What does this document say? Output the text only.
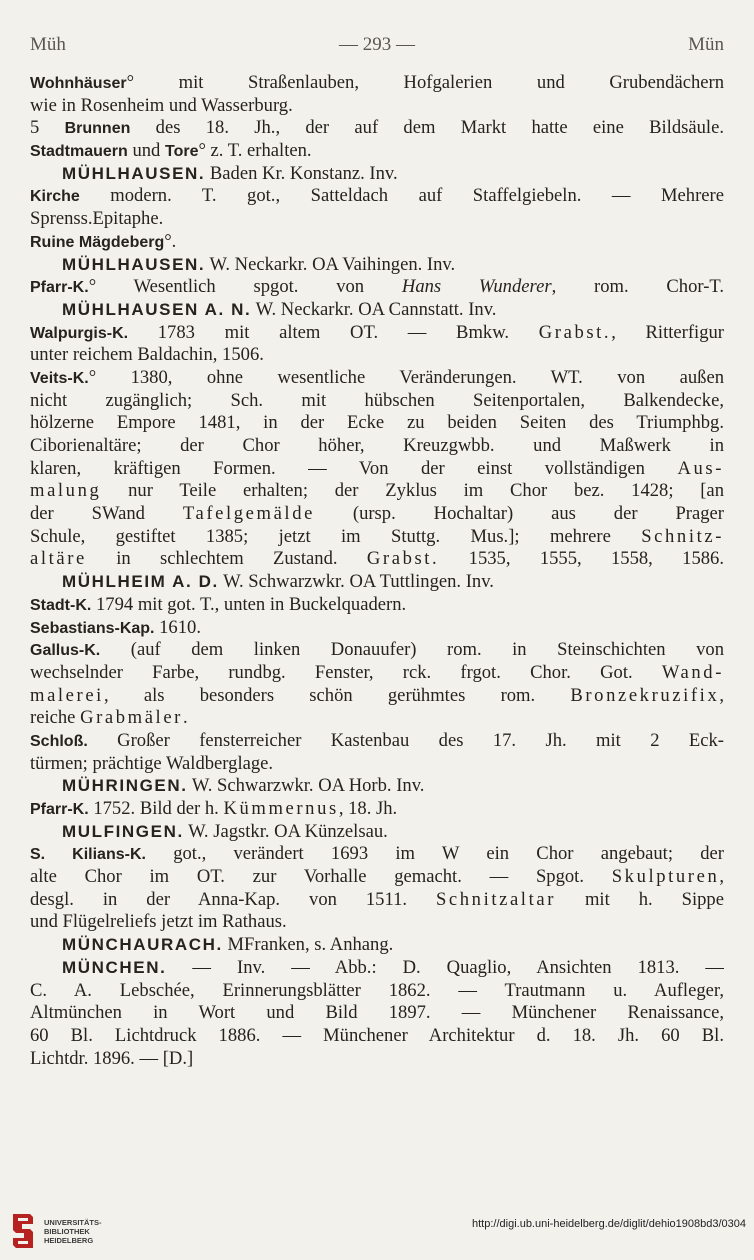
Müh	— 293 —	Mün
Wohnhäuser° mit Straßenlauben, Hofgalerien und Grubendächern
wie in Rosenheim und Wasserburg.
5 Brunnen des 18. Jh., der auf dem Markt hatte eine Bildsäule.
Stadtmauern und Tore° z. T. erhalten.
MÜHLHAUSEN. Baden Kr. Konstanz. Inv.
Kirche modern. T. got., Satteldach auf Staffelgiebeln. — Mehrere
Sprenss.Epitaphe.
Ruine Mägdeberg°.
MÜHLHAUSEN. W. Neckarkr. OA Vaihingen. Inv.
Pfarr-K.° Wesentlich spgot. von Hans Wunderer, rom. Chor-T.
MÜHLHAUSEN A. N. W. Neckarkr. OA Cannstatt. Inv.
Walpurgis-K. 1783 mit altem OT. — Bmkw. Grabst., Ritterfigur
unter reichem Baldachin, 1506.
Veits-K.° 1380, ohne wesentliche Veränderungen. WT. von außen
nicht zugänglich; Sch. mit hübschen Seitenportalen, Balkendecke,
hölzerne Empore 1481, in der Ecke zu beiden Seiten des Triumphbg.
Ciborienaltäre; der Chor höher, Kreuzgwbb. und Maßwerk in
klaren, kräftigen Formen. — Von der einst vollständigen Aus-
malung nur Teile erhalten; der Zyklus im Chor bez. 1428; [an
der SWand Tafelgemälde (ursp. Hochaltar) aus der Prager
Schule, gestiftet 1385; jetzt im Stuttg. Mus.]; mehrere Schnitz-
altäre in schlechtem Zustand. Grabst. 1535, 1555, 1558, 1586.
MÜHLHEIM A. D. W. Schwarzwkr. OA Tuttlingen. Inv.
Stadt-K. 1794 mit got. T., unten in Buckelquadern.
Sebastians-Kap. 1610.
Gallus-K. (auf dem linken Donauufer) rom. in Steinschichten von
wechselnder Farbe, rundbg. Fenster, rck. frgot. Chor. Got. Wand-
malerei, als besonders schön gerühmtes rom. Bronzekruzifix,
reiche Grabmäler.
Schloß. Großer fensterreicher Kastenbau des 17. Jh. mit 2 Eck-
türmen; prächtige Waldberglage.
MÜHRINGEN. W. Schwarzwkr. OA Horb. Inv.
Pfarr-K. 1752. Bild der h. Kümmernus, 18. Jh.
MULFINGEN. W. Jagstkr. OA Künzelsau.
S. Kilians-K. got., verändert 1693 im W ein Chor angebaut; der
alte Chor im OT. zur Vorhalle gemacht. — Spgot. Skulpturen,
desgl. in der Anna-Kap. von 1511. Schnitzaltar mit h. Sippe
und Flügelreliefs jetzt im Rathaus.
MÜNCHAURACH. MFranken, s. Anhang.
MÜNCHEN. — Inv. — Abb.: D. Quaglio, Ansichten 1813. —
C. A. Lebschée, Erinnerungsblätter 1862. — Trautmann u. Aufleger,
Altmünchen in Wort und Bild 1897. — Münchener Renaissance,
60 Bl. Lichtdruck 1886. — Münchener Architektur d. 18. Jh. 60 Bl.
Lichtdr. 1896. — [D.]
UNIVERSITÄTS-
BIBLIOTHEK
HEIDELBERG
http://digi.ub.uni-heidelberg.de/diglit/dehio1908bd3/0304
